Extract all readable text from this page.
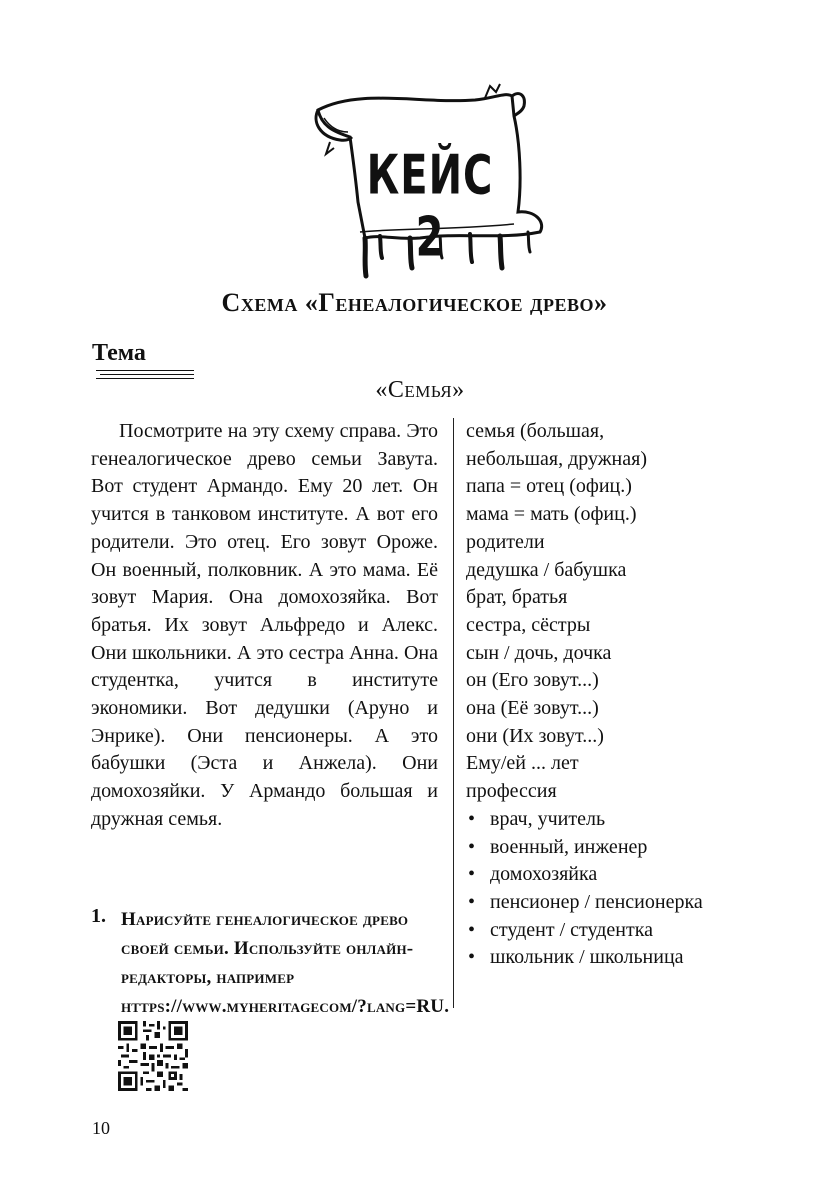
КЕЙС 2
Схема «Генеалогическое древо»
Тема
«Семья»

Посмотрите на эту схему справа. Это генеалогическое древо семьи Завута. Вот студент Армандо. Ему 20 лет. Он учится в танковом институте. А вот его родители. Это отец. Его зовут Ороже. Он военный, полковник. А это мама. Её зовут Мария. Она домохозяйка. Вот братья. Их зовут Альфредо и Алекс. Они школьники. А это сестра Анна. Она студентка, учится в институте экономики. Вот дедушки (Аруно и Энрике). Они пенсионеры. А это бабушки (Эста и Анжела). Они домохозяйки. У Армандо большая и дружная семья.

семья (большая,
небольшая, дружная)
папа = отец (офиц.)
мама = мать (офиц.)
родители
дедушка / бабушка
брат, братья
сестра, сёстры
сын / дочь, дочка
он (Его зовут...)
она (Её зовут...)
они (Их зовут...)
Ему/ей ... лет
профессия
• врач, учитель
• военный, инженер
• домохозяйка
• пенсионер / пенсионерка
• студент / студентка
• школьник / школьница
1. Нарисуйте генеалогическое древо своей семьи. Используйте онлайн-редакторы, например https://www.myheritagecom/?lang=RU.
10
